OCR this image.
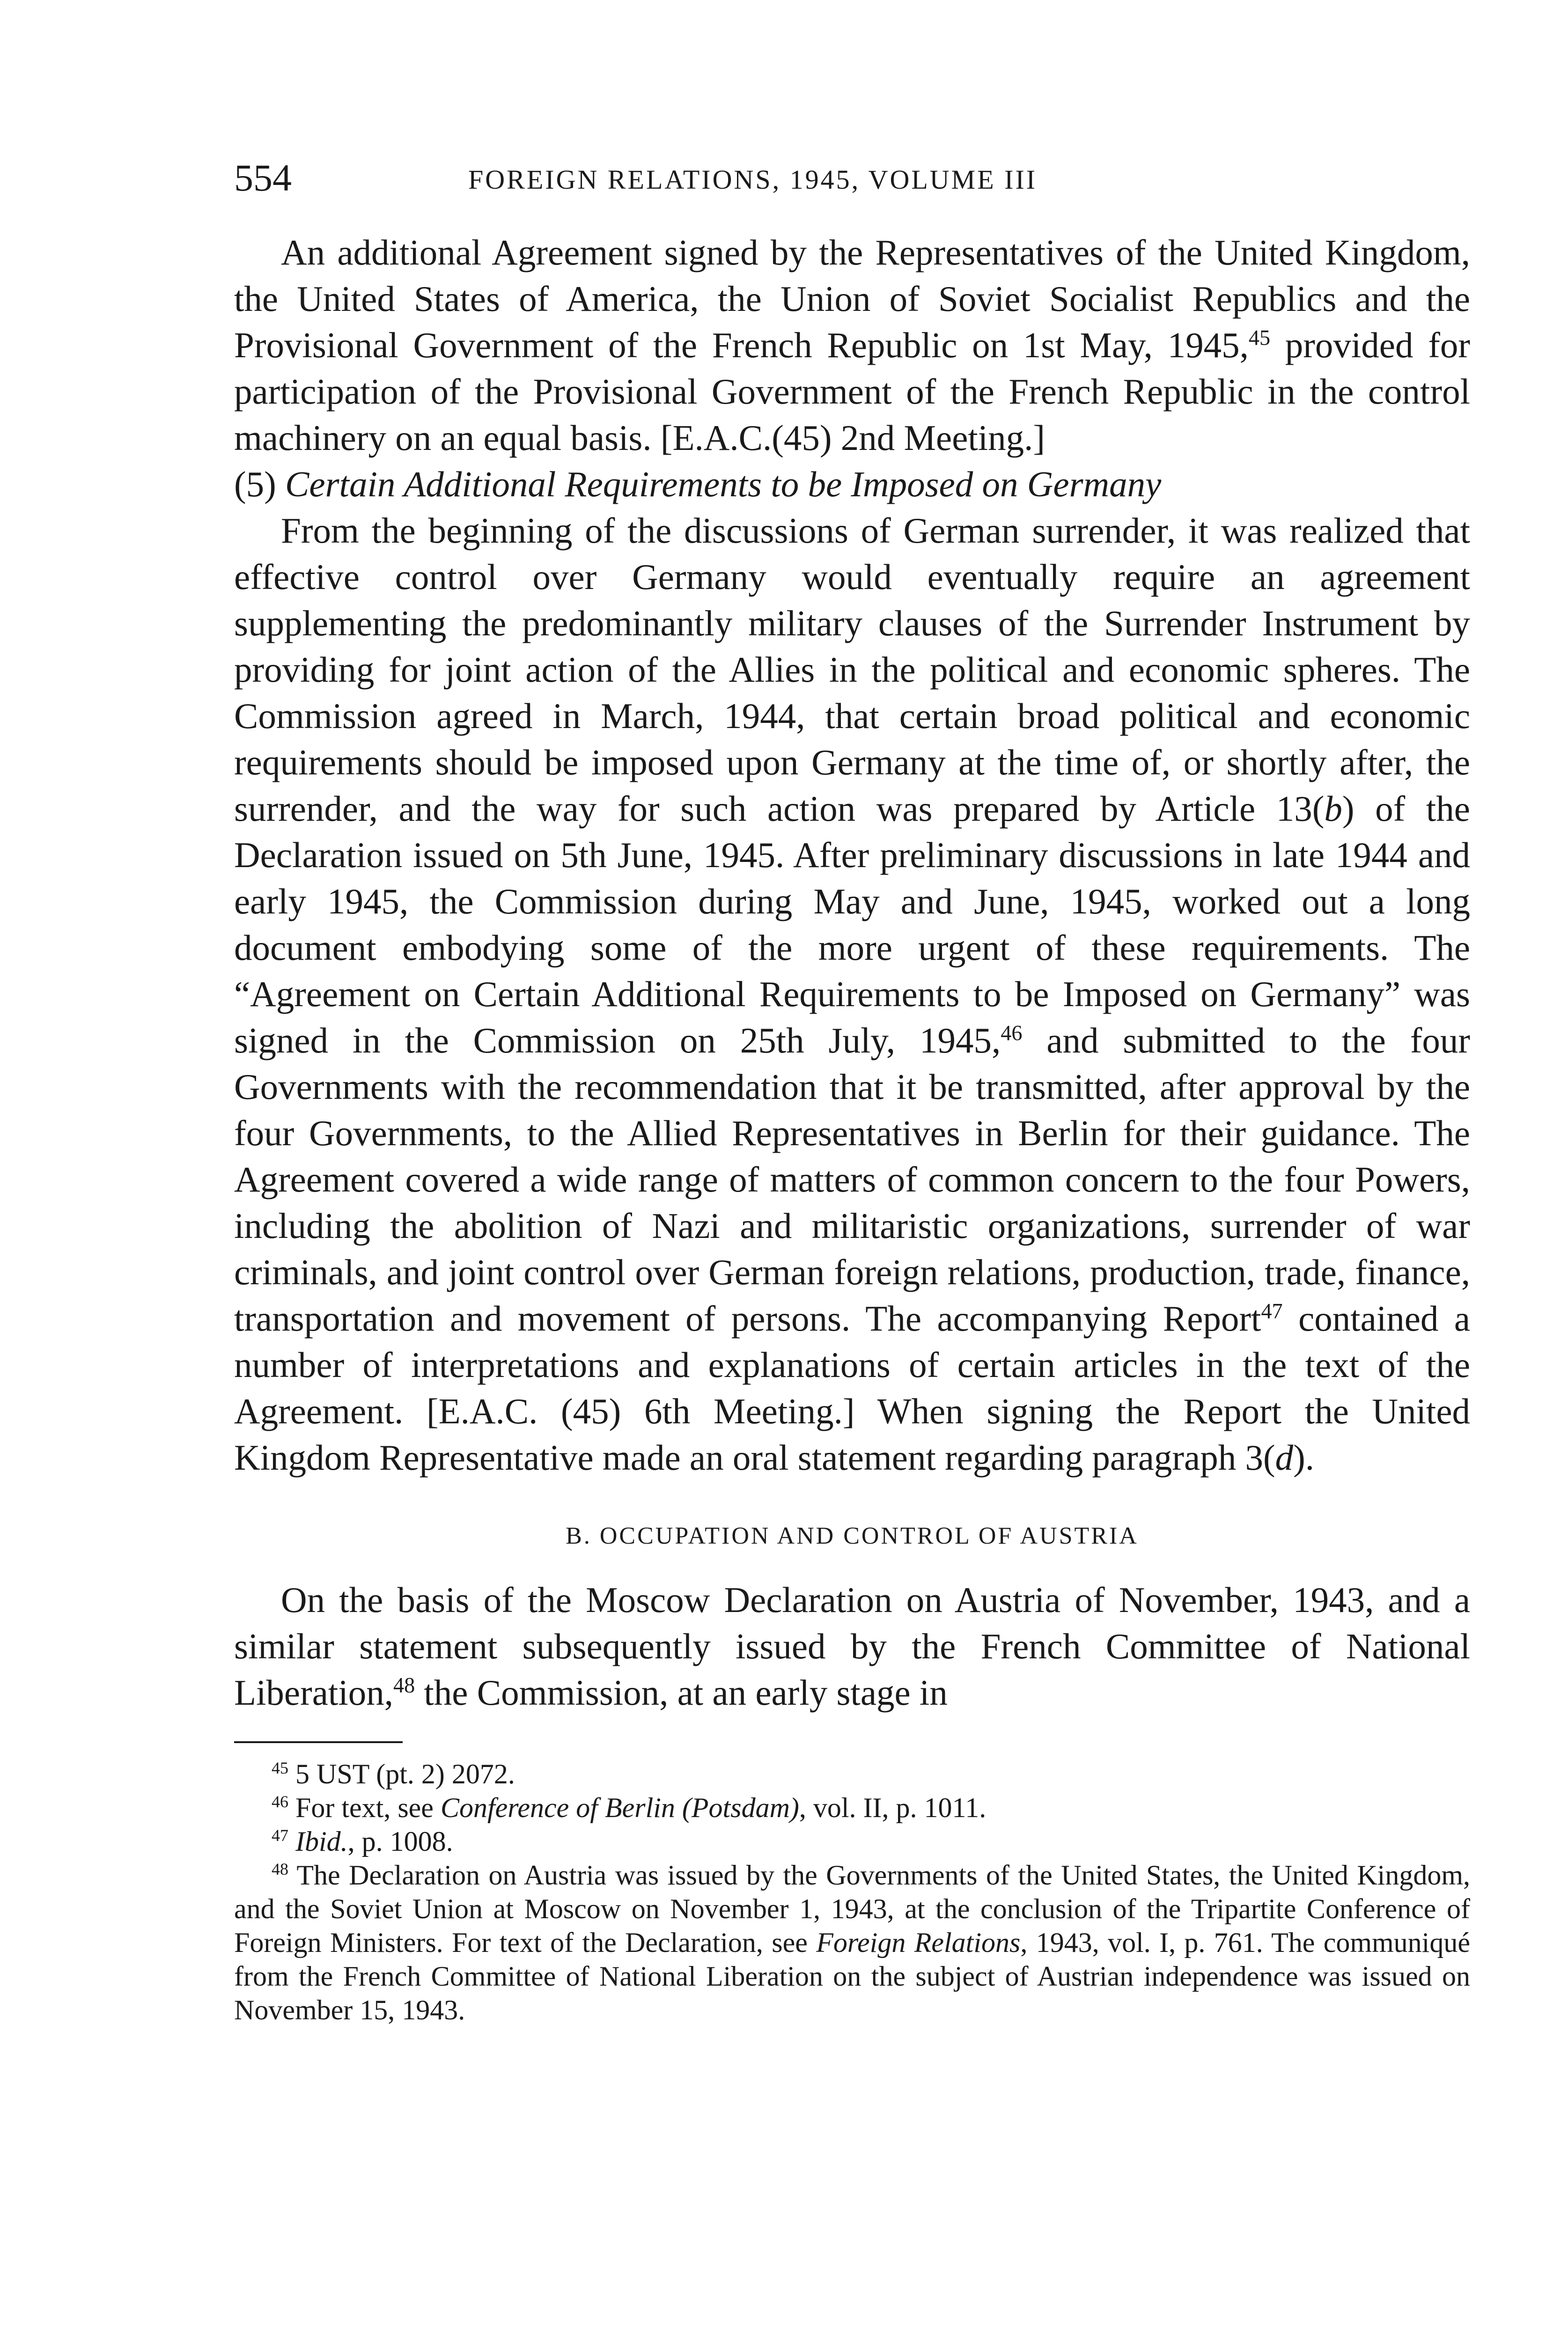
554	FOREIGN RELATIONS, 1945, VOLUME III

An additional Agreement signed by the Representatives of the United Kingdom, the United States of America, the Union of Soviet Socialist Republics and the Provisional Government of the French Republic on 1st May, 1945,45 provided for participation of the Provisional Government of the French Republic in the control machinery on an equal basis. [E.A.C.(45) 2nd Meeting.]

(5) Certain Additional Requirements to be Imposed on Germany

From the beginning of the discussions of German surrender, it was realized that effective control over Germany would eventually require an agreement supplementing the predominantly military clauses of the Surrender Instrument by providing for joint action of the Allies in the political and economic spheres. The Commission agreed in March, 1944, that certain broad political and economic requirements should be imposed upon Germany at the time of, or shortly after, the surrender, and the way for such action was prepared by Article 13(b) of the Declaration issued on 5th June, 1945. After preliminary discussions in late 1944 and early 1945, the Commission during May and June, 1945, worked out a long document embodying some of the more urgent of these requirements. The “Agreement on Certain Additional Requirements to be Imposed on Germany” was signed in the Commission on 25th July, 1945,46 and submitted to the four Governments with the recommendation that it be transmitted, after approval by the four Governments, to the Allied Representatives in Berlin for their guidance. The Agreement covered a wide range of matters of common concern to the four Powers, including the abolition of Nazi and militaristic organizations, surrender of war criminals, and joint control over German foreign relations, production, trade, finance, transportation and movement of persons. The accompanying Report$^{47}$ contained a number of interpretations and explanations of certain articles in the text of the Agreement. [E.A.C. (45) 6th Meeting.] When signing the Report the United Kingdom Representative made an oral statement regarding paragraph 3(d).

B. OCCUPATION AND CONTROL OF AUSTRIA

On the basis of the Moscow Declaration on Austria of November, 1943, and a similar statement subsequently issued by the French Committee of National Liberation,$^{48}$ the Commission, at an early stage in

$^{45}$ 5 UST (pt. 2) 2072.

$^{46}$ For text, see Conference of Berlin (Potsdam), vol. II, p. 1011.

$^{47}$ Ibid., p. 1008.

$^{48}$ The Declaration on Austria was issued by the Governments of the United States, the United Kingdom, and the Soviet Union at Moscow on November 1, 1943, at the conclusion of the Tripartite Conference of Foreign Ministers. For text of the Declaration, see Foreign Relations, 1943, vol. I, p. 761. The communiqué from the French Committee of National Liberation on the subject of Austrian independence was issued on November 15, 1943.
